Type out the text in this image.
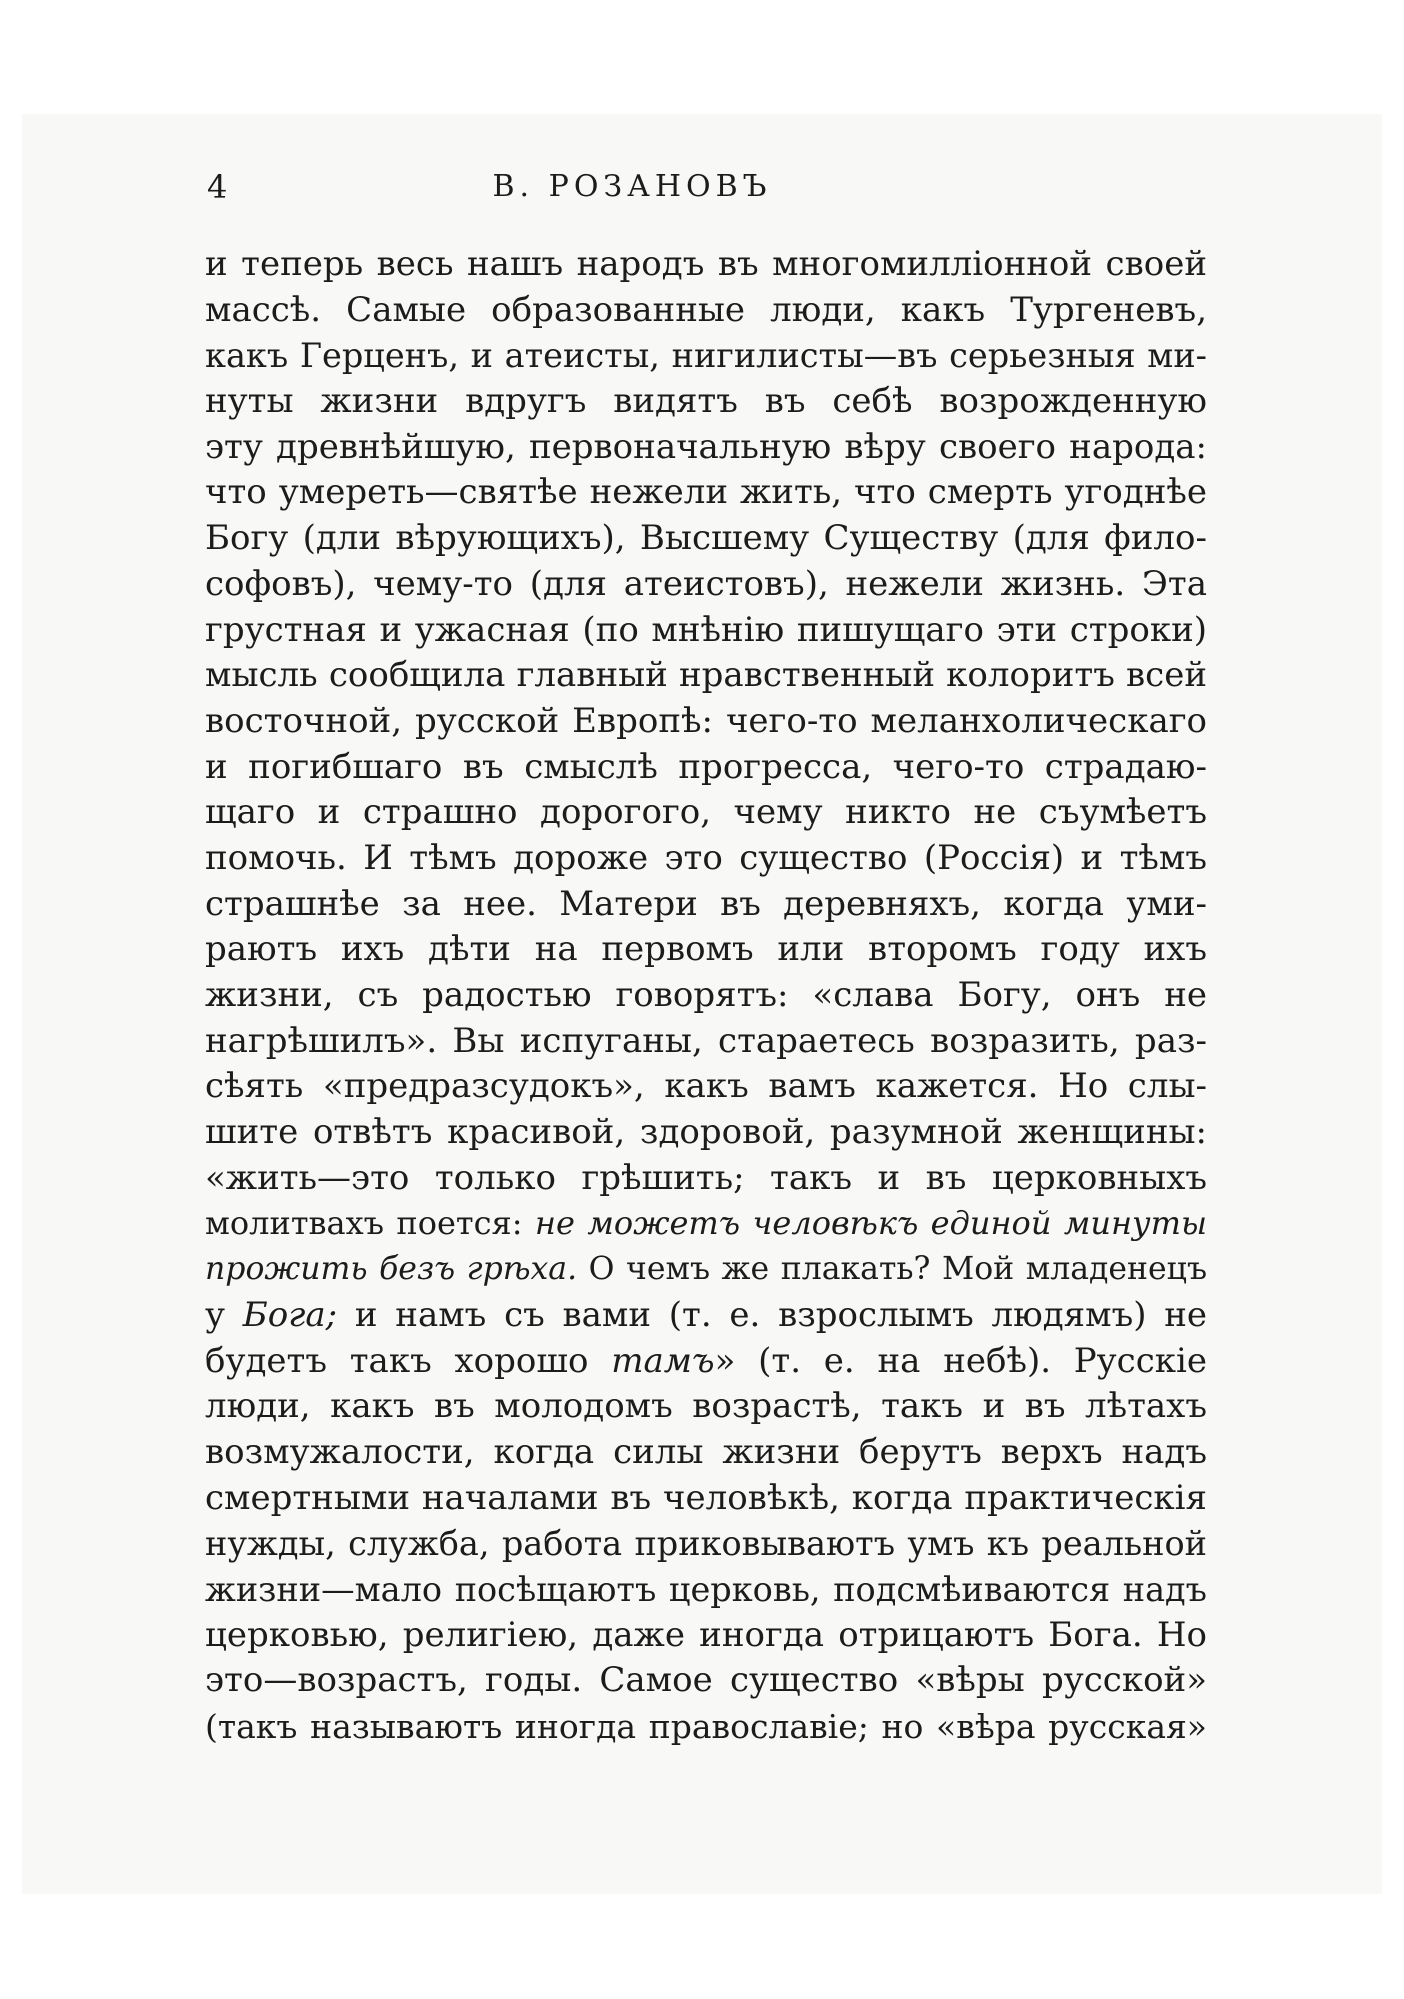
4	В. РОЗАНОВЪ
и теперь весь нашъ народъ въ многомилліонной своей
массѣ. Самые образованные люди, какъ Тургеневъ,
какъ Герценъ, и атеисты, нигилисты—въ серьезныя ми-
нуты жизни вдругъ видятъ въ себѣ возрожденную
эту древнѣйшую, первоначальную вѣру своего народа:
что умереть—святѣе нежели жить, что смерть угоднѣе
Богу (дли вѣрующихъ), Высшему Существу (для фило-
софовъ), чему-то (для атеистовъ), нежели жизнь. Эта
грустная и ужасная (по мнѣнію пишущаго эти строки)
мысль сообщила главный нравственный колоритъ всей
восточной, русской Европѣ: чего-то меланхолическаго
и погибшаго въ смыслѣ прогресса, чего-то страдаю-
щаго и страшно дорогого, чему никто не съумѣетъ
помочь. И тѣмъ дороже это существо (Россія) и тѣмъ
страшнѣе за нее. Матери въ деревняхъ, когда уми-
раютъ ихъ дѣти на первомъ или второмъ году ихъ
жизни, съ радостью говорятъ: «слава Богу, онъ не
нагрѣшилъ». Вы испуганы, стараетесь возразить, раз-
сѣять «предразсудокъ», какъ вамъ кажется. Но слы-
шите отвѣтъ красивой, здоровой, разумной женщины:
«жить—это только грѣшить; такъ и въ церковныхъ
молитвахъ поется: не можетъ человѣкъ единой минуты
прожить безъ грѣха. О чемъ же плакать? Мой младенецъ
у Бога; и намъ съ вами (т. е. взрослымъ людямъ) не
будетъ такъ хорошо тамъ» (т. е. на небѣ). Русскіе
люди, какъ въ молодомъ возрастѣ, такъ и въ лѣтахъ
возмужалости, когда силы жизни берутъ верхъ надъ
смертными началами въ человѣкѣ, когда практическія
нужды, служба, работа приковываютъ умъ къ реальной
жизни—мало посѣщаютъ церковь, подсмѣиваются надъ
церковью, религіею, даже иногда отрицаютъ Бога. Но
это—возрастъ, годы. Самое существо «вѣры русской»
(такъ называютъ иногда православіе; но «вѣра русская»
